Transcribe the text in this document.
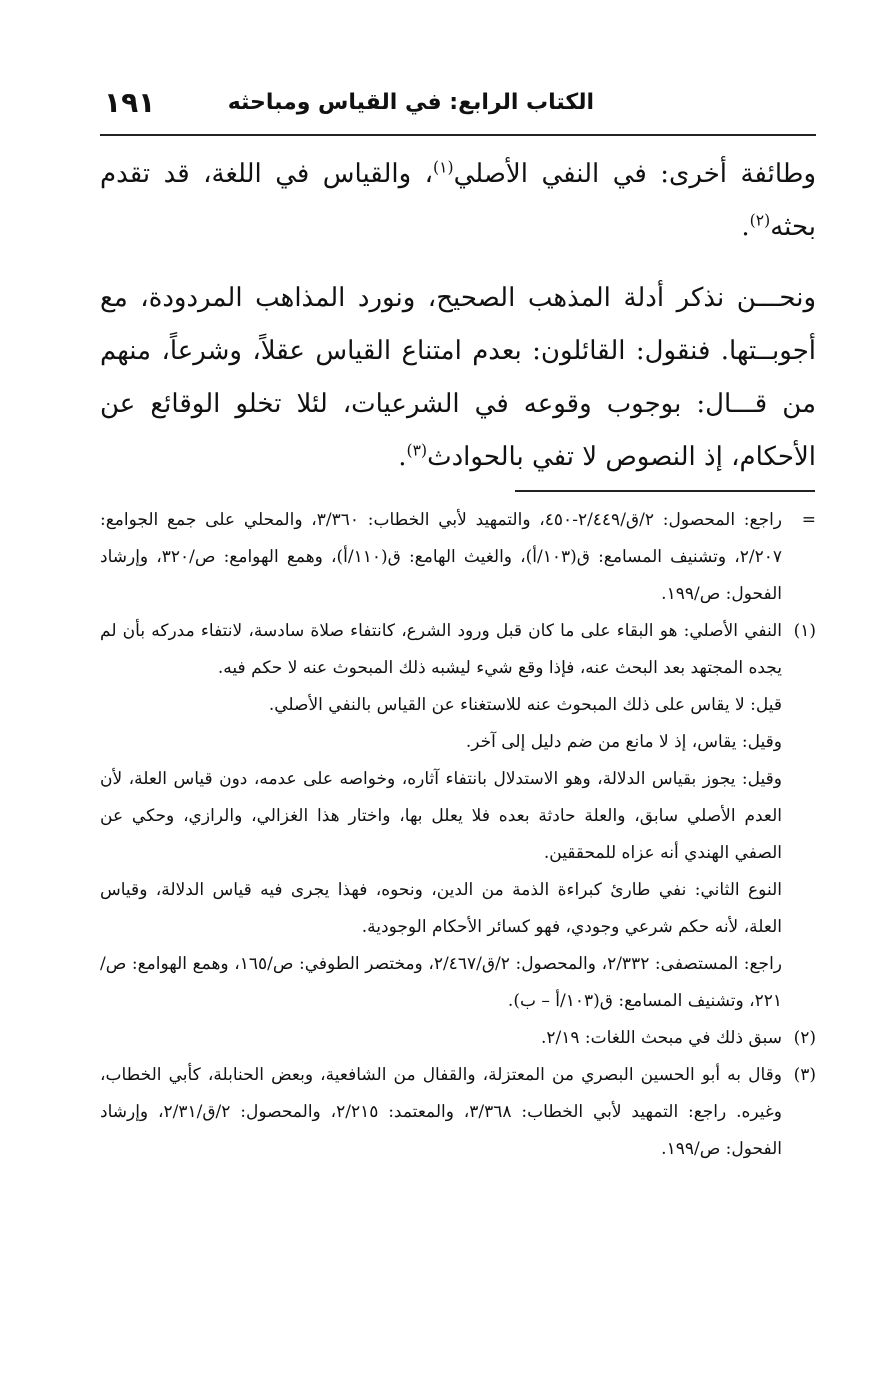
الكتاب الرابع: في القياس ومباحثه
١٩١

وطائفة أخرى: في النفي الأصلي$^{(١)}$، والقياس في اللغة، قد تقدم بحثه$^{(٢)}$.

ونحـــن نذكر أدلة المذهب الصحيح، ونورد المذاهب المردودة، مع أجوبــتها. فنقول: القائلون: بعدم امتناع القياس عقلاً، وشرعاً، منهم من قـــال: بوجوب وقوعه في الشرعيات، لئلا تخلو الوقائع عن الأحكام، إذ النصوص لا تفي بالحوادث$^{(٣)}$.

=
راجع: المحصول: ٢/ق/٢/٤٤٩-٤٥٠، والتمهيد لأبي الخطاب: ٣/٣٦٠، والمحلي على جمع الجوامع: ٢/٢٠٧، وتشنيف المسامع: ق(١٠٣/أ)، والغيث الهامع: ق(١١٠/أ)، وهمع الهوامع: ص/٣٢٠، وإرشاد الفحول: ص/١٩٩.

(١)
النفي الأصلي: هو البقاء على ما كان قبل ورود الشرع، كانتفاء صلاة سادسة، لانتفاء مدركه بأن لم يجده المجتهد بعد البحث عنه، فإذا وقع شيء ليشبه ذلك المبحوث عنه لا حكم فيه.

قيل: لا يقاس على ذلك المبحوث عنه للاستغناء عن القياس بالنفي الأصلي.

وقيل: يقاس، إذ لا مانع من ضم دليل إلى آخر.

وقيل: يجوز بقياس الدلالة، وهو الاستدلال بانتفاء آثاره، وخواصه على عدمه، دون قياس العلة، لأن العدم الأصلي سابق، والعلة حادثة بعده فلا يعلل بها، واختار هذا الغزالي، والرازي، وحكي عن الصفي الهندي أنه عزاه للمحققين.

النوع الثاني: نفي طارئ كبراءة الذمة من الدين، ونحوه، فهذا يجرى فيه قياس الدلالة، وقياس العلة، لأنه حكم شرعي وجودي، فهو كسائر الأحكام الوجودية.

راجع: المستصفى: ٢/٣٣٢، والمحصول: ٢/ق/٢/٤٦٧، ومختصر الطوفي: ص/١٦٥، وهمع الهوامع: ص/٢٢١، وتشنيف المسامع: ق(١٠٣/أ – ب).

(٢)
سبق ذلك في مبحث اللغات: ٢/١٩.

(٣)
وقال به أبو الحسين البصري من المعتزلة، والقفال من الشافعية، وبعض الحنابلة، كأبي الخطاب، وغيره. راجع: التمهيد لأبي الخطاب: ٣/٣٦٨، والمعتمد: ٢/٢١٥، والمحصول: ٢/ق/٢/٣١، وإرشاد الفحول: ص/١٩٩.
